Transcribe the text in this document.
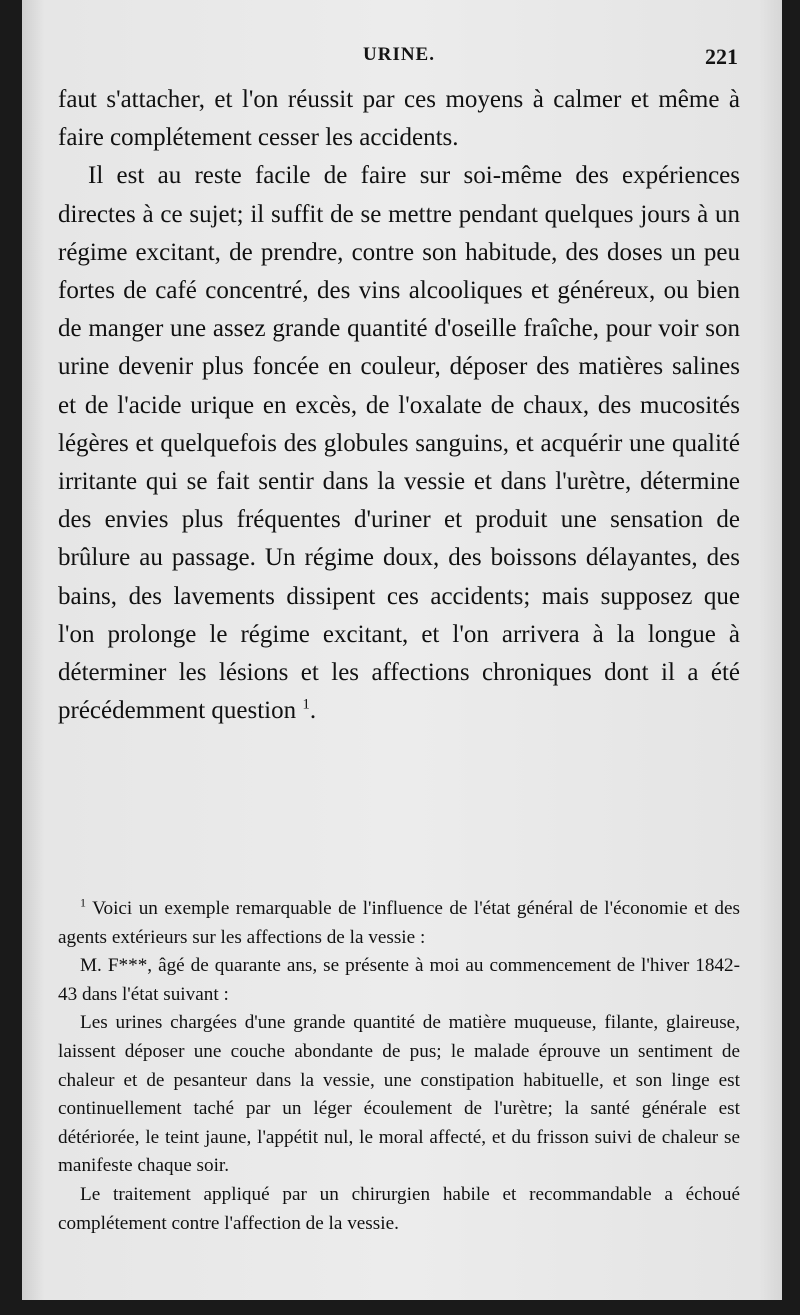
URINE.	221

faut s'attacher, et l'on réussit par ces moyens à calmer et même à faire complétement cesser les accidents.

Il est au reste facile de faire sur soi-même des expériences directes à ce sujet; il suffit de se mettre pendant quelques jours à un régime excitant, de prendre, contre son habitude, des doses un peu fortes de café concentré, des vins alcooliques et généreux, ou bien de manger une assez grande quantité d'oseille fraîche, pour voir son urine devenir plus foncée en couleur, déposer des matières salines et de l'acide urique en excès, de l'oxalate de chaux, des mucosités légères et quelquefois des globules sanguins, et acquérir une qualité irritante qui se fait sentir dans la vessie et dans l'urètre, détermine des envies plus fréquentes d'uriner et produit une sensation de brûlure au passage. Un régime doux, des boissons délayantes, des bains, des lavements dissipent ces accidents; mais supposez que l'on prolonge le régime excitant, et l'on arrivera à la longue à déterminer les lésions et les affections chroniques dont il a été précédemment question $^1$.

$^1$ Voici un exemple remarquable de l'influence de l'état général de l'économie et des agents extérieurs sur les affections de la vessie :

M. F***, âgé de quarante ans, se présente à moi au commencement de l'hiver 1842-43 dans l'état suivant :

Les urines chargées d'une grande quantité de matière muqueuse, filante, glaireuse, laissent déposer une couche abondante de pus; le malade éprouve un sentiment de chaleur et de pesanteur dans la vessie, une constipation habituelle, et son linge est continuellement taché par un léger écoulement de l'urètre; la santé générale est détériorée, le teint jaune, l'appétit nul, le moral affecté, et du frisson suivi de chaleur se manifeste chaque soir.

Le traitement appliqué par un chirurgien habile et recommandable a échoué complétement contre l'affection de la vessie.
